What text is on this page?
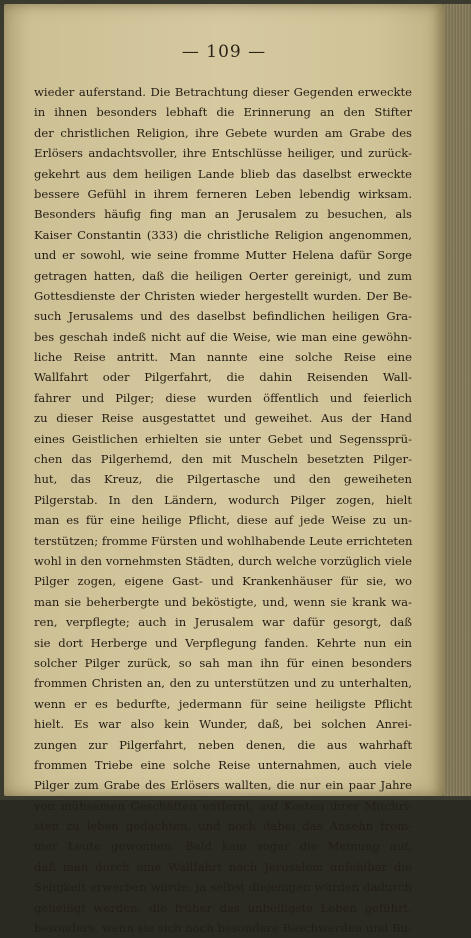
— 109 —
wieder auferstand. Die Betrachtung dieser Gegenden erweckte
in ihnen besonders lebhaft die Erinnerung an den Stifter
der christlichen Religion, ihre Gebete wurden am Grabe des
Erlösers andachtsvoller, ihre Entschlüsse heiliger, und zurück-
gekehrt aus dem heiligen Lande blieb das daselbst erweckte
bessere Gefühl in ihrem ferneren Leben lebendig wirksam.
Besonders häufig fing man an Jerusalem zu besuchen, als
Kaiser Constantin (333) die christliche Religion angenommen,
und er sowohl, wie seine fromme Mutter Helena dafür Sorge
getragen hatten, daß die heiligen Oerter gereinigt, und zum
Gottesdienste der Christen wieder hergestellt wurden. Der Be-
such Jerusalems und des daselbst befindlichen heiligen Gra-
bes geschah indeß nicht auf die Weise, wie man eine gewöhn-
liche Reise antritt. Man nannte eine solche Reise eine
Wallfahrt oder Pilgerfahrt, die dahin Reisenden Wall-
fahrer und Pilger; diese wurden öffentlich und feierlich
zu dieser Reise ausgestattet und geweihet. Aus der Hand
eines Geistlichen erhielten sie unter Gebet und Segenssprü-
chen das Pilgerhemd, den mit Muscheln besetzten Pilger-
hut, das Kreuz, die Pilgertasche und den geweiheten
Pilgerstab. In den Ländern, wodurch Pilger zogen, hielt
man es für eine heilige Pflicht, diese auf jede Weise zu un-
terstützen; fromme Fürsten und wohlhabende Leute errichteten
wohl in den vornehmsten Städten, durch welche vorzüglich viele
Pilger zogen, eigene Gast- und Krankenhäuser für sie, wo
man sie beherbergte und beköstigte, und, wenn sie krank wa-
ren, verpflegte; auch in Jerusalem war dafür gesorgt, daß
sie dort Herberge und Verpflegung fanden. Kehrte nun ein
solcher Pilger zurück, so sah man ihn für einen besonders
frommen Christen an, den zu unterstützen und zu unterhalten,
wenn er es bedurfte, jedermann für seine heiligste Pflicht
hielt. Es war also kein Wunder, daß, bei solchen Anrei-
zungen zur Pilgerfahrt, neben denen, die aus wahrhaft
frommen Triebe eine solche Reise unternahmen, auch viele
Pilger zum Grabe des Erlösers wallten, die nur ein paar Jahre
von mühsamen Geschäften entfernt, auf Kosten ihrer Mitchri-
sten zu leben gedachten, und noch dabei das Ansehn from-
mer Leute gewonnen. Bald kam sogar die Meinung auf,
daß man durch eine Wallfahrt nach Jerusalem unfehlbar die
Seligkeit erwerben würde, ja selbst diejenigen würden dadurch
geheiligt werden, die früher das unheiligste Leben geführt,
besonders, wenn sie sich noch besondere Beschwerden und Bu-
